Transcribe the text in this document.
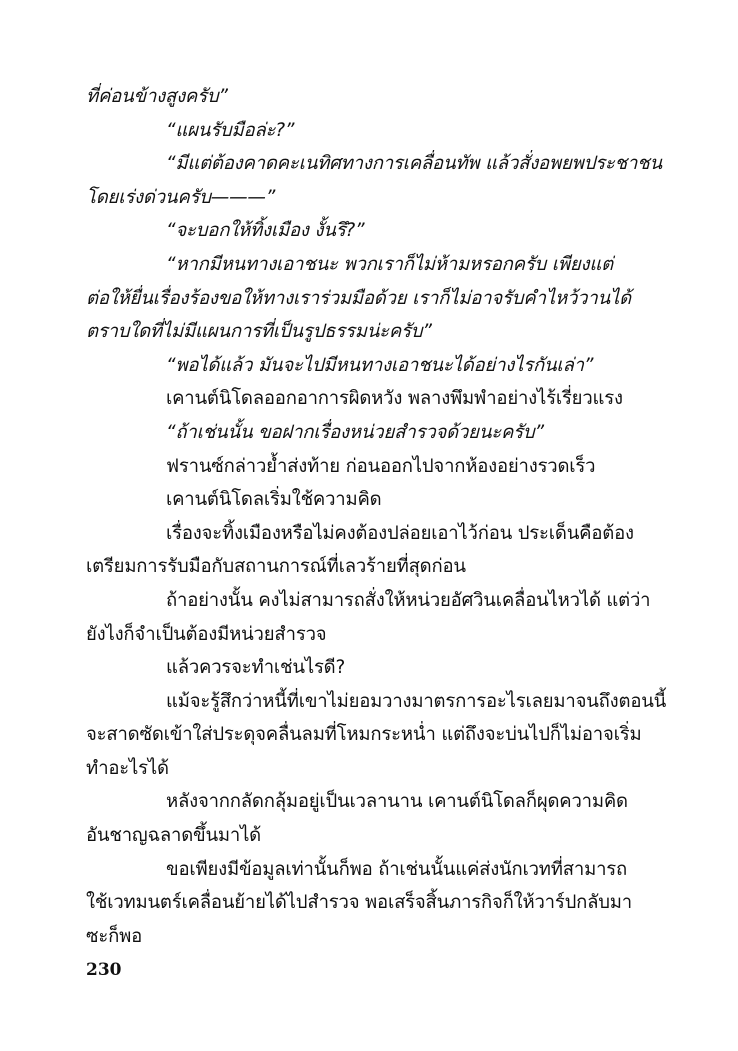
ที่ค่อนข้างสูงครับ”
“แผนรับมือล่ะ?”
“มีแต่ต้องคาดคะเนทิศทางการเคลื่อนทัพ แล้วสั่งอพยพประชาชน
โดยเร่งด่วนครับ———”
“จะบอกให้ทิ้งเมือง งั้นรึ?”
“หากมีหนทางเอาชนะ พวกเราก็ไม่ห้ามหรอกครับ เพียงแต่
ต่อให้ยื่นเรื่องร้องขอให้ทางเราร่วมมือด้วย เราก็ไม่อาจรับคำไหว้วานได้
ตราบใดที่ไม่มีแผนการที่เป็นรูปธรรมน่ะครับ”
“พอได้แล้ว มันจะไปมีหนทางเอาชนะได้อย่างไรกันเล่า”
เคานต์นิโดลออกอาการผิดหวัง พลางพึมพำอย่างไร้เรี่ยวแรง
“ถ้าเช่นนั้น ขอฝากเรื่องหน่วยสำรวจด้วยนะครับ”
ฟรานซ์กล่าวย้ำส่งท้าย ก่อนออกไปจากห้องอย่างรวดเร็ว
เคานต์นิโดลเริ่มใช้ความคิด
เรื่องจะทิ้งเมืองหรือไม่คงต้องปล่อยเอาไว้ก่อน ประเด็นคือต้อง
เตรียมการรับมือกับสถานการณ์ที่เลวร้ายที่สุดก่อน
ถ้าอย่างนั้น คงไม่สามารถสั่งให้หน่วยอัศวินเคลื่อนไหวได้ แต่ว่า
ยังไงก็จำเป็นต้องมีหน่วยสำรวจ
แล้วควรจะทำเช่นไรดี?
แม้จะรู้สึกว่าหนี้ที่เขาไม่ยอมวางมาตรการอะไรเลยมาจนถึงตอนนี้
จะสาดซัดเข้าใส่ประดุจคลื่นลมที่โหมกระหน่ำ แต่ถึงจะบ่นไปก็ไม่อาจเริ่ม
ทำอะไรได้
หลังจากกลัดกลุ้มอยู่เป็นเวลานาน เคานต์นิโดลก็ผุดความคิด
อันชาญฉลาดขึ้นมาได้
ขอเพียงมีข้อมูลเท่านั้นก็พอ ถ้าเช่นนั้นแค่ส่งนักเวทที่สามารถ
ใช้เวทมนตร์เคลื่อนย้ายได้ไปสำรวจ พอเสร็จสิ้นภารกิจก็ให้วาร์ปกลับมา
ซะก็พอ
230
